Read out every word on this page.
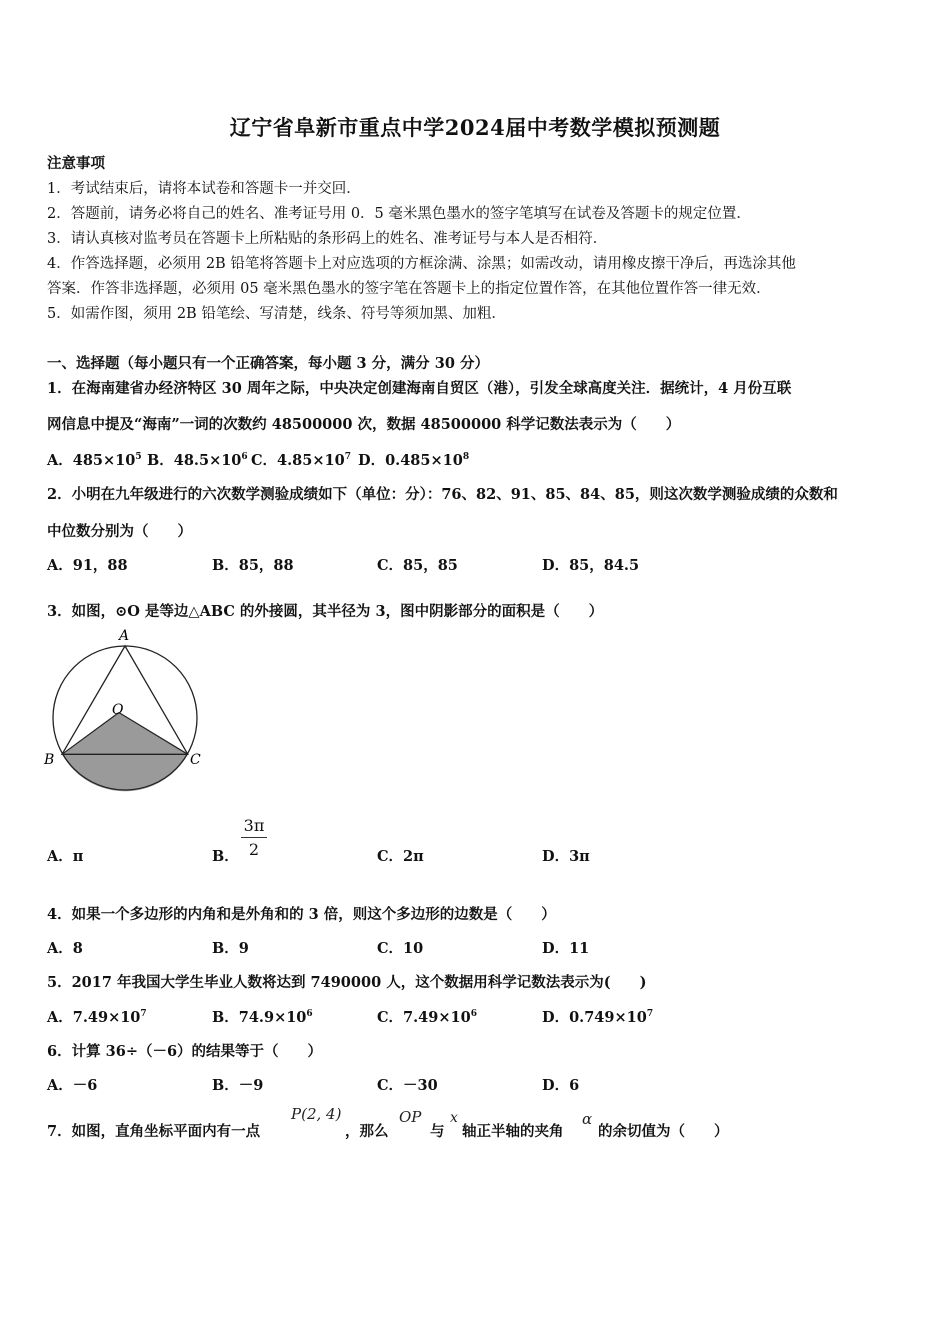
辽宁省阜新市重点中学2024届中考数学模拟预测题
注意事项
1．考试结束后，请将本试卷和答题卡一并交回．
2．答题前，请务必将自己的姓名、准考证号用 0．5 毫米黑色墨水的签字笔填写在试卷及答题卡的规定位置．
3．请认真核对监考员在答题卡上所粘贴的条形码上的姓名、准考证号与本人是否相符．
4．作答选择题，必须用 2B 铅笔将答题卡上对应选项的方框涂满、涂黑；如需改动，请用橡皮擦干净后，再选涂其他
答案．作答非选择题，必须用 05 毫米黑色墨水的签字笔在答题卡上的指定位置作答，在其他位置作答一律无效．
5．如需作图，须用 2B 铅笔绘、写清楚，线条、符号等须加黑、加粗．
一、选择题（每小题只有一个正确答案，每小题 3 分，满分 30 分）
1．在海南建省办经济特区 30 周年之际，中央决定创建海南自贸区（港），引发全球高度关注．据统计，4 月份互联
网信息中提及“海南”一词的次数约 48500000 次，数据 48500000 科学记数法表示为（　　）
A．$485\times 10^5$ B．$48.5\times 10^6$ C．$4.85\times 10^7$ D．$0.485\times 10^8$
2．小明在九年级进行的六次数学测验成绩如下（单位：分）：76、82、91、85、84、85，则这次数学测验成绩的众数和
中位数分别为（　　）
A．91，88	B．85，88	C．85，85	D．85，84.5
3．如图，⊙O 是等边△ABC 的外接圆，其半径为 3，图中阴影部分的面积是（　　）
A
O
B	C
A．π	B．
3π
2	C．2π	D．3π
4．如果一个多边形的内角和是外角和的 3 倍，则这个多边形的边数是（　　）
A．8	B．9	C．10	D．11
5．2017 年我国大学生毕业人数将达到 7490000 人，这个数据用科学记数法表示为(　　)
A．$7.49\times 10^7$	B．$74.9\times 10^6$	C．$7.49\times 10^6$	D．$0.749\times 10^7$
6．计算 36÷（－6）的结果等于（　　）
A．－6	B．－9	C．－30	D．6
7．如图，直角坐标平面内有一点
P(2, 4)
，那么
OP
与
x
轴正半轴的夹角
α
的余切值为（　　）
